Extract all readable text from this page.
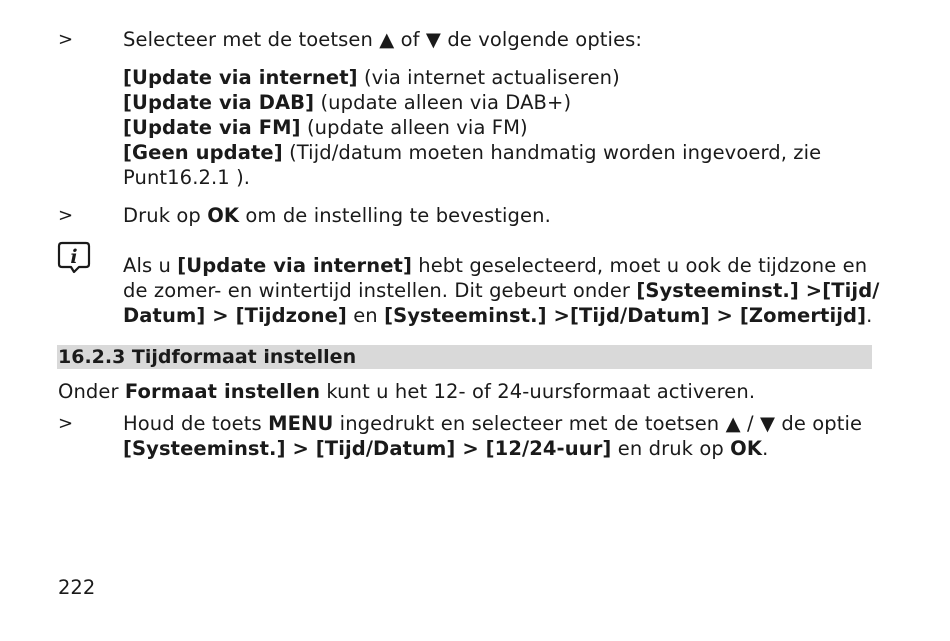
>	Selecteer met de toetsen ▲ of ▼ de volgende opties:
[Update via internet] (via internet actualiseren)
[Update via DAB] (update alleen via DAB+)
[Update via FM] (update alleen via FM)
[Geen update] (Tijd/datum moeten handmatig worden ingevoerd, zie
Punt16.2.1 ).
>	Druk op OK om de instelling te bevestigen.
i Als u [Update via internet] hebt geselecteerd, moet u ook de tijdzone en
de zomer- en wintertijd instellen. Dit gebeurt onder [Systeeminst.] >[Tijd/
Datum] > [Tijdzone] en [Systeeminst.] >[Tijd/Datum] > [Zomertijd].
16.2.3 Tijdformaat instellen
Onder Formaat instellen kunt u het 12- of 24-uursformaat activeren.
>	Houd de toets MENU ingedrukt en selecteer met de toetsen ▲ / ▼ de optie
[Systeeminst.] > [Tijd/Datum] > [12/24-uur] en druk op OK.
222
